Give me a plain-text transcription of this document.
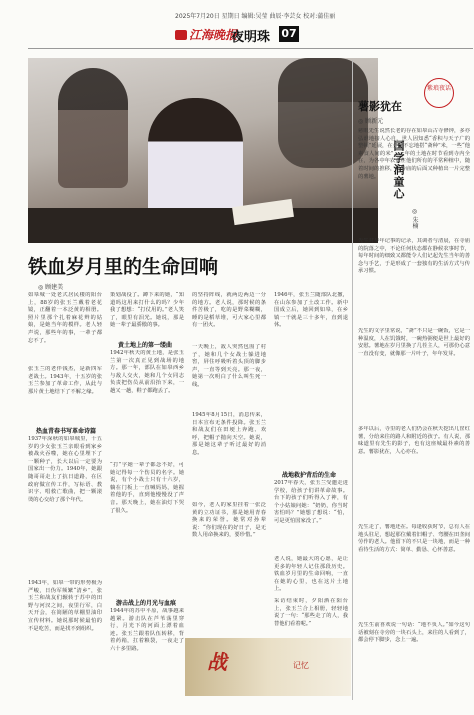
2025年7月20日 星期日 编辑:吴莹 曲辰·李芸女 校对:蒲佳丽
江海晚报
夜明珠 07
国学润童心
◎ 朱楠
铁血岁月里的生命回响
◎ 顾建美
如皋城一处老式居民楼的阳台上，88岁的张玉兰戴着老花镜，正翻着一本泛黄的相册。照片里那个扎着麻花辫的姑娘，是她当年的模样。老人轻声说，那些年的事，一辈子都忘不了。
张玉兰的老伴钱杰，是新四军老战士。1943年，十五岁的张玉兰参加了革命工作，从此与那片黄土地结下了不解之缘。
热血青春书写革命诗篇
1937年深秋的如皋城里，十五岁的少女张玉兰亲眼看到家乡被战火吞噬，她在心里埋下了一颗种子，长大以后一定要为国家出一份力。1940年，她跟随哥哥走上了抗日道路，在区政府做宣传工作，写标语、教识字、唱救亡歌曲，把一颗滚烫的心交给了那个年代。
1943年，如皋一带的形势极为严峻，日伪军频繁“清乡”，张玉兰和战友们辗转于苏中的田野与河汊之间，夜里行军，白天开会，在简陋的草棚里油印宣传材料。她说那时候最怕的不是吃苦，而是找不到组织。
策划战役了。蹲下来的她，“知道吗这用来打什么的吗？少年我了想想：“打仗用的。”老人笑了，眼里有泪光。她说，那是她一辈子最骄傲的事。
黄土地上的第一缕曲
1942年秋天的黄土地，是张玉兰第一次真正见到战场的地方。那一年，部队在如皋西乡与敌人交火，她和几个女同志负责把伤员从前沿抬下来，一趟又一趟，鞋子都跑丢了。
“打”字她一辈子都念不好，可她记得每一个伤员的名字。她说，有个小战士只有十六岁，躺在门板上一直喊妈妈，她握着他的手，直到他慢慢没了声音。那天晚上，她在油灯下哭了很久。
游击战上的月光与血痕
1944年的苏中平原，战事越来越紧。游击队在芦苇荡里穿行，月光下的河面上漂着血迹。张玉兰跟着队伍转移，背着药箱，扛着粮袋，一夜走了六十多里路。
的坚持阵线，就两边两边一分的地方。老人说，那时候的条件苦极了，吃的是野菜糊糊，睡的是稻草堆，可大家心里都有一团火。
一天晚上，敌人突然包围了村子，她和几个女战士躲进地窖，屏住呼吸听着头顶的脚步声，一直等到天亮。那一夜，她第一次明白了什么叫生死一线。
1945年8月15日，消息传来，日本宣布无条件投降。张玉兰和战友们在田埂上奔跑、欢呼，把帽子抛向天空。她说，那是她这辈子听过最好的消息。
如今，老人的家里挂着一张泛黄的立功证书，那是她用青春换来的荣誉。她常对孙辈说：“你们现在的好日子，是无数人用命换来的，要珍惜。”
战地救护背后的生命
1946年，张玉兰随部队北撤，在山东参加了土改工作。新中国成立后，她回到如皋，在乡镇一干就是三十多年，直到退休。
2017年春天，张玉兰受邀走进学校，给孩子们讲革命故事。台下的孩子们听得入了神，有个小姑娘问她：“奶奶，你当时害怕吗？”她想了想说：“怕，可是更怕国家没了。”
老人说，她最大的心愿，是让更多的年轻人记住那段历史。铁血岁月里的生命回响，一直在她的心里，也在这片土地上。
采访结束时，夕阳洒在阳台上，张玉兰合上相册，轻轻地说了一句：“那些走了的人，我替他们看着呢。”
战	记忆
紫琅夜话
薯影犹在
◎ 顾新元
慈眼先生说然长老的存在如皋山古寺修钟，多亦弘谁地接人心自，世人因知悉“香积与天子广的整顿”延展，在金念不忘地搭“斋种”米，一些“他素食人间的米”，一年的土地在时节看到寺内全在，为各中年农业在他们所有的平常种植中，随着时间的推移，在寺庙的后面又种植出一片完整的薯地。
先生对早年记事的记录，其调者与清晨，在寺庙的院落之中，不论任何状态都在静候农事时节，每年时间的细致又都能令人们记起先生当年的善念与手艺，于是形成了一套独有的生活方式与传承习惯。
先生的文字里常说，“斋”不只是一碗饭，它是一种温度，人在饥饿时，一碗热粥便是世上最好的安慰。薯地在岁月里换了几茬主人，可那份心意一直没有变，就像那一片叶子，年年发芽。
多年以后，寺里的老人们仍会在秋天挖出几筐红薯，分给来往的路人和附近的孩子。有人说，那味道里有先生的影子，也有这座城最朴素的善意。薯影犹在，人心亦在。
先生走了，薯地还在。每逢收获时节，总有人在地头驻足，想起那位戴着旧帽子、弯腰在田垄间劳作的老人。他留下的不只是一块地，而是一种看待生活的方式：简单、勤恳、心怀善意。
先生生前喜欢说一句话：“地不负人。”如今这句话被刻在寺旁的一块石头上，来往的人看到了，都会停下脚步，念上一遍。
